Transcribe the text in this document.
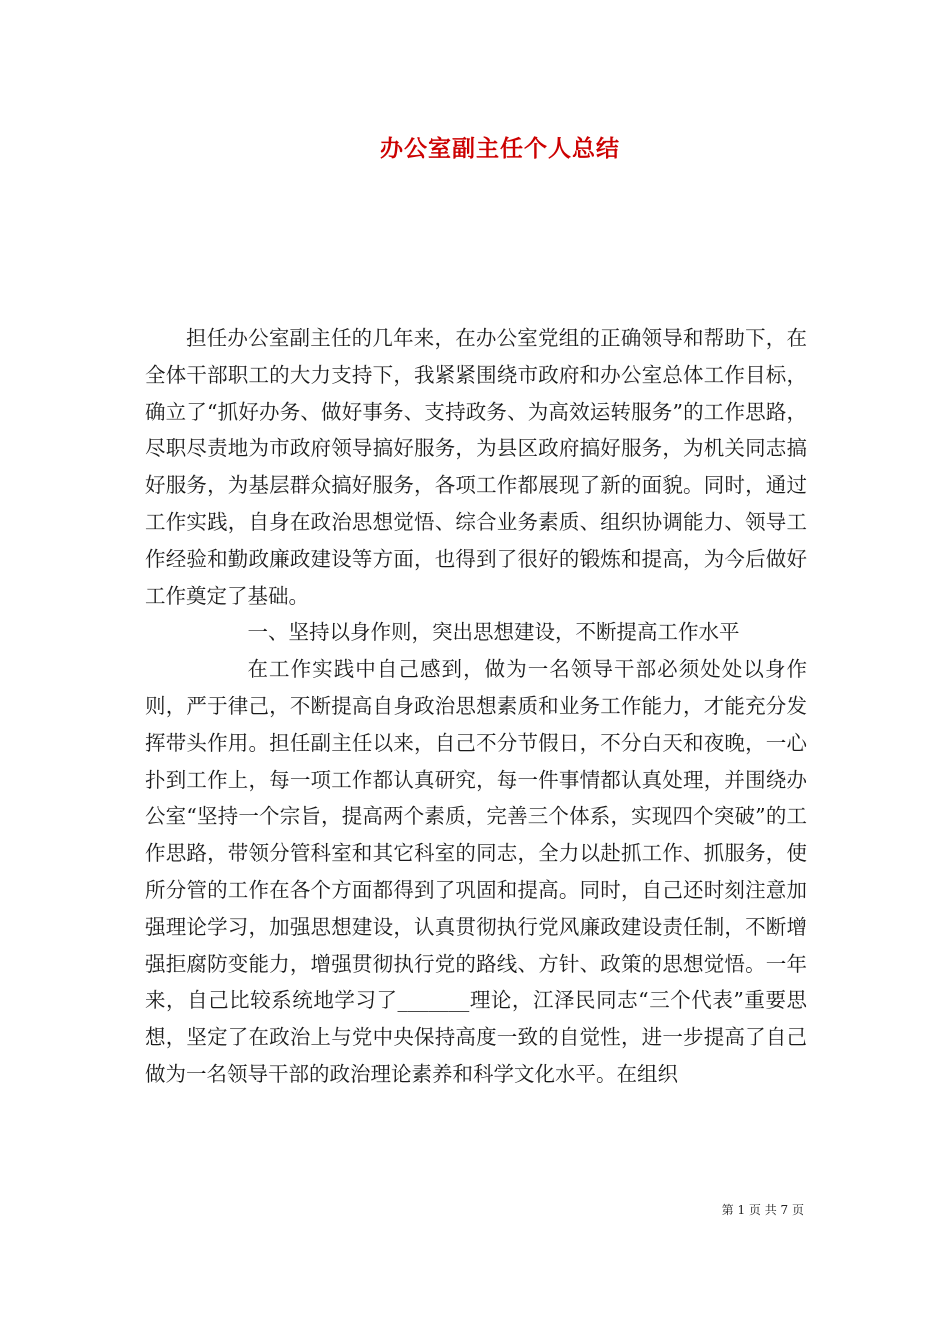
办公室副主任个人总结

担任办公室副主任的几年来，在办公室党组的正确领导和帮助下，在全体干部职工的大力支持下，我紧紧围绕市政府和办公室总体工作目标，确立了“抓好办务、做好事务、支持政务、为高效运转服务”的工作思路，尽职尽责地为市政府领导搞好服务，为县区政府搞好服务，为机关同志搞好服务，为基层群众搞好服务，各项工作都展现了新的面貌。同时，通过工作实践，自身在政治思想觉悟、综合业务素质、组织协调能力、领导工作经验和勤政廉政建设等方面，也得到了很好的锻炼和提高，为今后做好工作奠定了基础。

一、坚持以身作则，突出思想建设，不断提高工作水平

在工作实践中自己感到，做为一名领导干部必须处处以身作则，严于律己，不断提高自身政治思想素质和业务工作能力，才能充分发挥带头作用。担任副主任以来，自己不分节假日，不分白天和夜晚，一心扑到工作上，每一项工作都认真研究，每一件事情都认真处理，并围绕办公室“坚持一个宗旨，提高两个素质，完善三个体系，实现四个突破”的工作思路，带领分管科室和其它科室的同志，全力以赴抓工作、抓服务，使所分管的工作在各个方面都得到了巩固和提高。同时，自己还时刻注意加强理论学习，加强思想建设，认真贯彻执行党风廉政建设责任制，不断增强拒腐防变能力，增强贯彻执行党的路线、方针、政策的思想觉悟。一年来，自己比较系统地学习了_______理论，江泽民同志“三个代表”重要思想，坚定了在政治上与党中央保持高度一致的自觉性，进一步提高了自己做为一名领导干部的政治理论素养和科学文化水平。在组织

第 1 页 共 7 页
